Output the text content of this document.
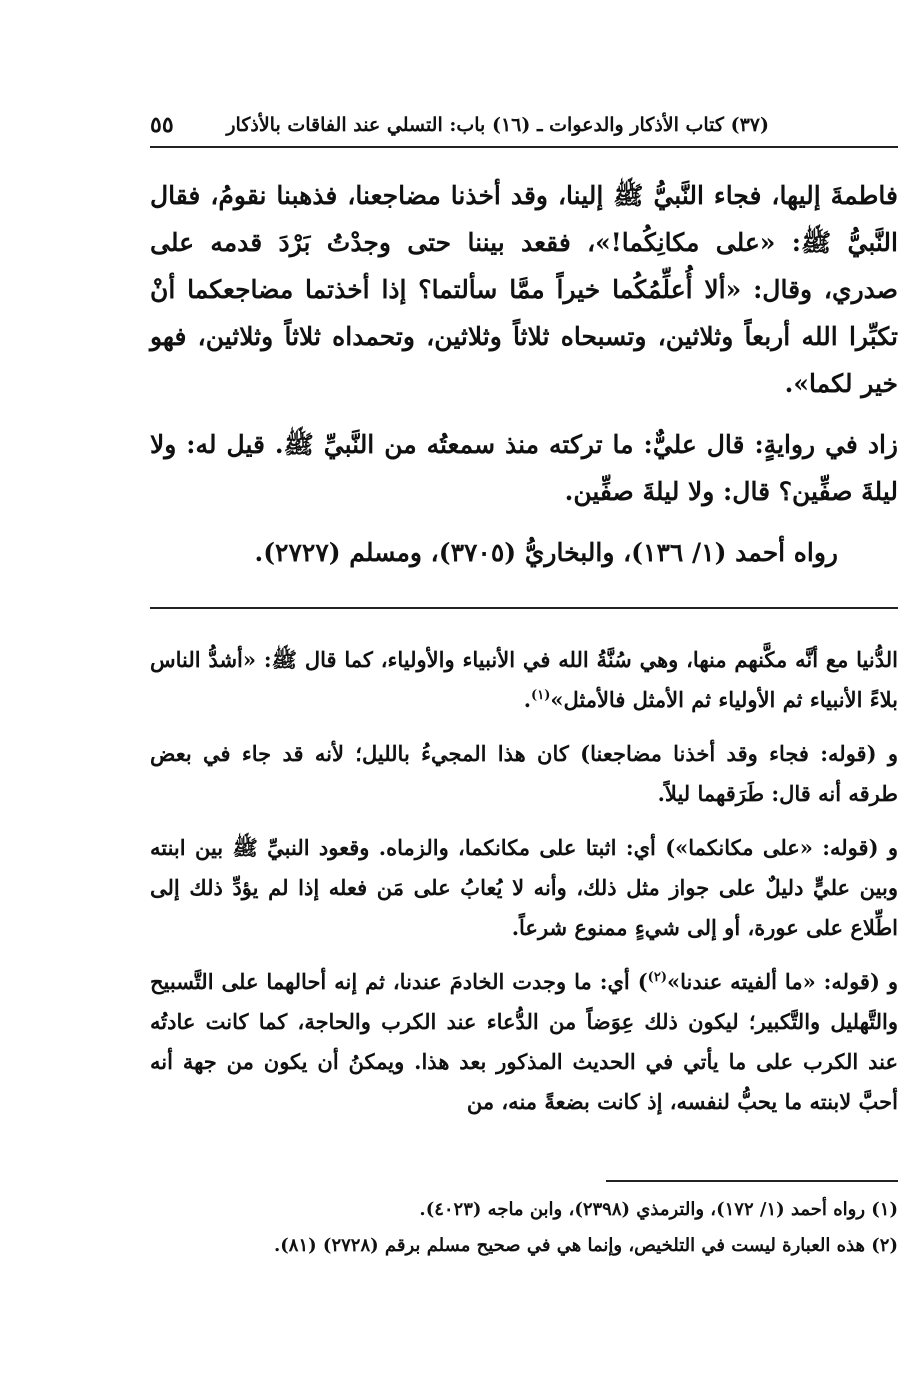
(٣٧) كتاب الأذكار والدعوات ـ (١٦) باب: التسلي عند الفاقات بالأذكار
٥٥

فاطمةَ إليها، فجاء النَّبيُّ ﷺ إلينا، وقد أخذنا مضاجعنا، فذهبنا نقومُ، فقال النَّبيُّ ﷺ: «على مكانِكُما!»، فقعد بيننا حتى وجدْتُ بَرْدَ قدمه على صدري، وقال: «ألا أُعلِّمُكُما خيراً ممَّا سألتما؟ إذا أخذتما مضاجعكما أنْ تكبِّرا الله أربعاً وثلاثين، وتسبحاه ثلاثاً وثلاثين، وتحمداه ثلاثاً وثلاثين، فهو خير لكما».

زاد في روايةٍ: قال عليٌّ: ما تركته منذ سمعتُه من النَّبيِّ ﷺ. قيل له: ولا ليلةَ صفِّين؟ قال: ولا ليلةَ صفِّين.

رواه أحمد (١/ ١٣٦)، والبخاريُّ (٣٧٠٥)، ومسلم (٢٧٢٧).

الدُّنيا مع أنَّه مكَّنهم منها، وهي سُنَّةُ الله في الأنبياء والأولياء، كما قال ﷺ: «أشدُّ الناس بلاءً الأنبياء ثم الأولياء ثم الأمثل فالأمثل»$^{(١)}$.

و (قوله: فجاء وقد أخذنا مضاجعنا) كان هذا المجيءُ بالليل؛ لأنه قد جاء في بعض طرقه أنه قال: طَرَقهما ليلاً.

و (قوله: «على مكانكما») أي: اثبتا على مكانكما، والزماه. وقعود النبيِّ ﷺ بين ابنته وبين عليٍّ دليلٌ على جواز مثل ذلك، وأنه لا يُعابُ على مَن فعله إذا لم يؤدِّ ذلك إلى اطِّلاع على عورة، أو إلى شيءٍ ممنوع شرعاً.

و (قوله: «ما ألفيته عندنا»$^{(٢)}$) أي: ما وجدت الخادمَ عندنا، ثم إنه أحالهما على التَّسبيح والتَّهليل والتَّكبير؛ ليكون ذلك عِوَضاً من الدُّعاء عند الكرب والحاجة، كما كانت عادتُه عند الكرب على ما يأتي في الحديث المذكور بعد هذا. ويمكنُ أن يكون من جهة أنه أحبَّ لابنته ما يحبُّ لنفسه، إذ كانت بضعةً منه، من

(١) رواه أحمد (١/ ١٧٢)، والترمذي (٢٣٩٨)، وابن ماجه (٤٠٢٣).

(٢) هذه العبارة ليست في التلخيص، وإنما هي في صحيح مسلم برقم (٢٧٢٨) (٨١).
